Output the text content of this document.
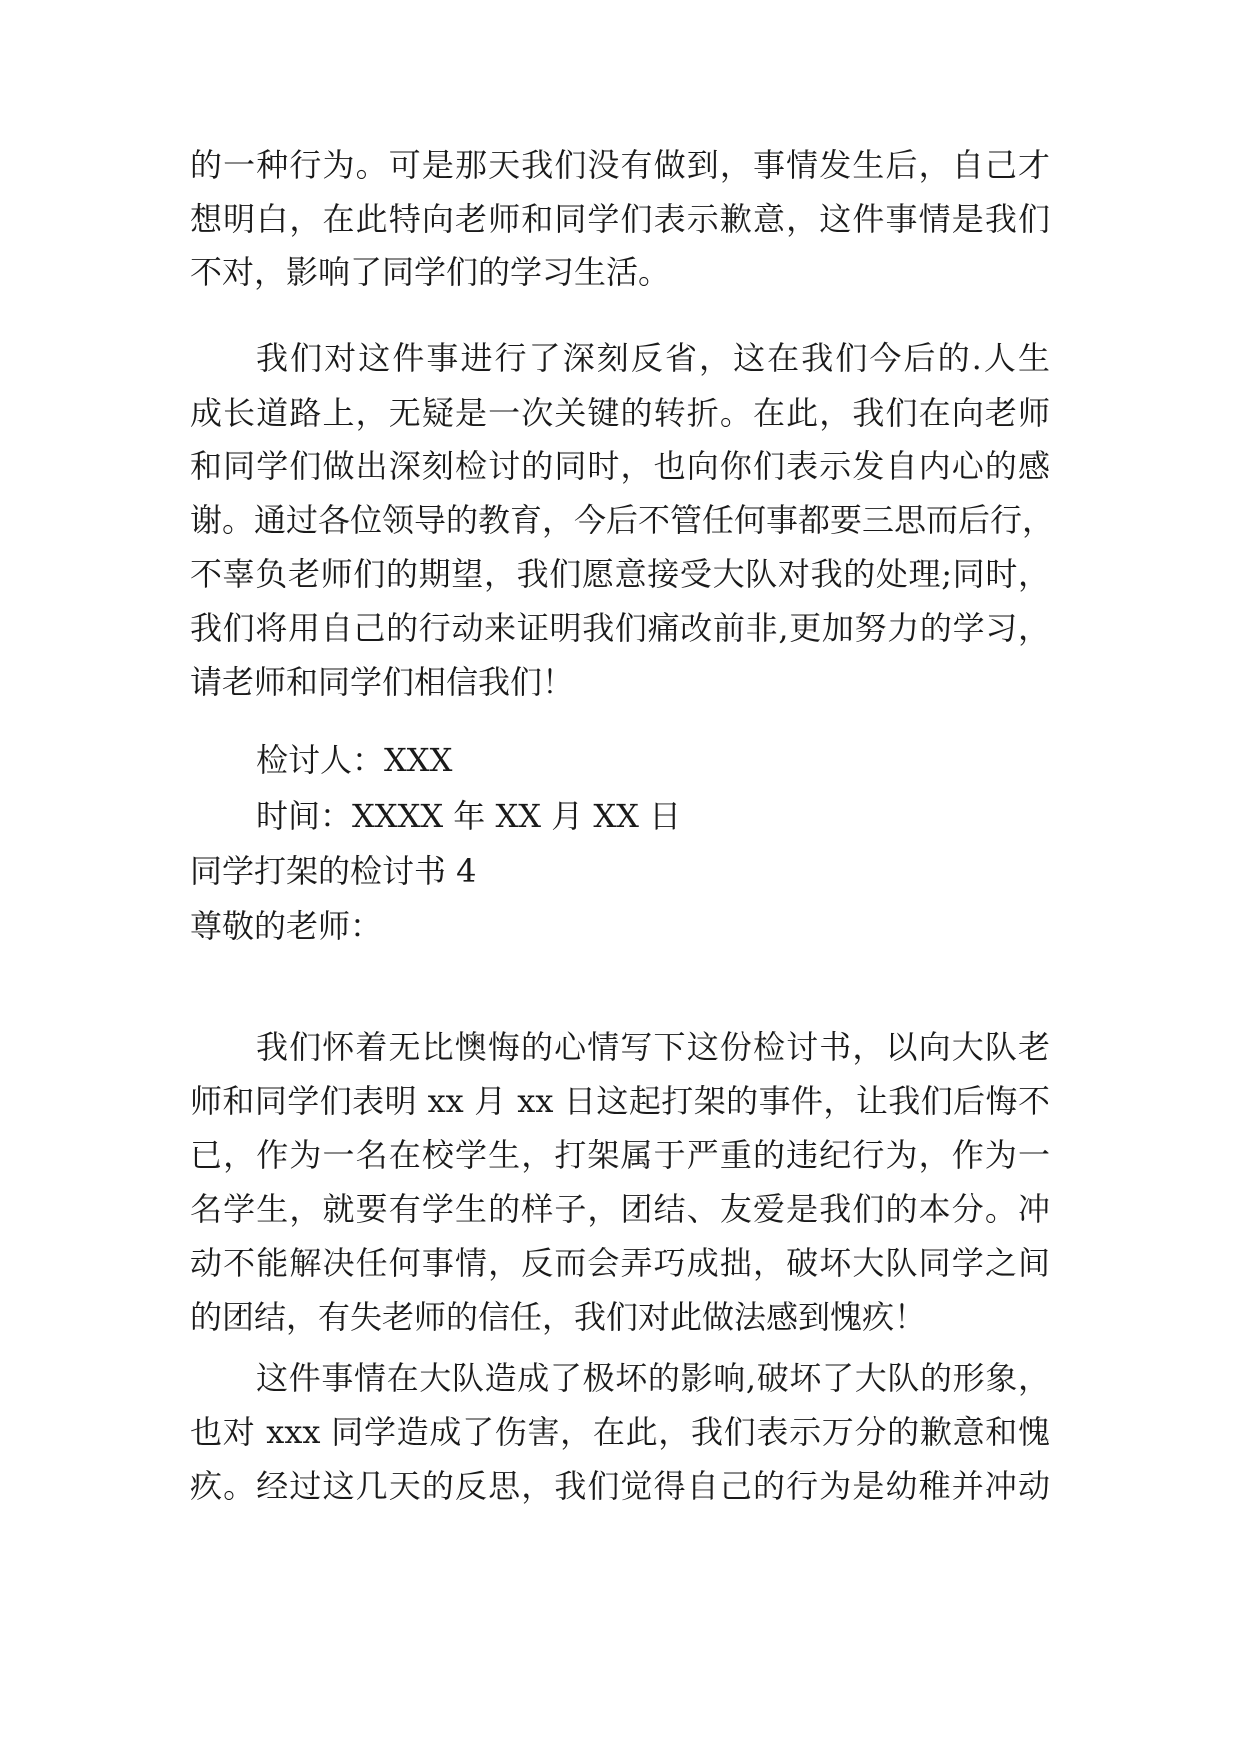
的一种行为。可是那天我们没有做到，事情发生后，自己才
想明白，在此特向老师和同学们表示歉意，这件事情是我们
不对，影响了同学们的学习生活。
我们对这件事进行了深刻反省，这在我们今后的.人生
成长道路上，无疑是一次关键的转折。在此，我们在向老师
和同学们做出深刻检讨的同时，也向你们表示发自内心的感
谢。通过各位领导的教育，今后不管任何事都要三思而后行，
不辜负老师们的期望，我们愿意接受大队对我的处理;同时，
我们将用自己的行动来证明我们痛改前非,更加努力的学习，
请老师和同学们相信我们！
检讨人：XXX
时间：XXXX 年 XX 月 XX 日
同学打架的检讨书 4
尊敬的老师：
我们怀着无比懊悔的心情写下这份检讨书，以向大队老
师和同学们表明 xx 月 xx 日这起打架的事件，让我们后悔不
已，作为一名在校学生，打架属于严重的违纪行为，作为一
名学生，就要有学生的样子，团结、友爱是我们的本分。冲
动不能解决任何事情，反而会弄巧成拙，破坏大队同学之间
的团结，有失老师的信任，我们对此做法感到愧疚！
这件事情在大队造成了极坏的影响,破坏了大队的形象，
也对 xxx 同学造成了伤害，在此，我们表示万分的歉意和愧
疚。经过这几天的反思，我们觉得自己的行为是幼稚并冲动
